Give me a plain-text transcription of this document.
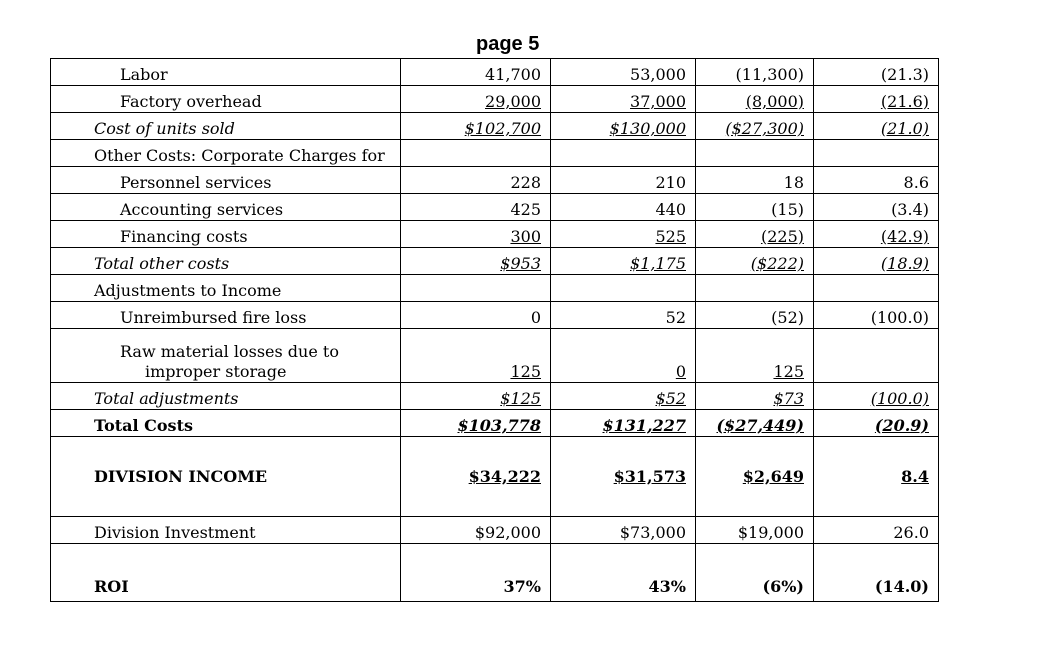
page 5
Labor	41,700	53,000	(11,300)	(21.3)
Factory overhead	29,000	37,000	(8,000)	(21.6)
Cost of units sold	$102,700	$130,000	($27,300)	(21.0)
Other Costs: Corporate Charges for				
Personnel services	228	210	18	8.6
Accounting services	425	440	(15)	(3.4)
Financing costs	300	525	(225)	(42.9)
Total other costs	$953	$1,175	($222)	(18.9)
Adjustments to Income				
Unreimbursed fire loss	0	52	(52)	(100.0)
Raw material losses due to
improper storage	125	0	125	
Total adjustments	$125	$52	$73	(100.0)
Total Costs	$103,778	$131,227	($27,449)	(20.9)
DIVISION INCOME	$34,222	$31,573	$2,649	8.4
Division Investment	$92,000	$73,000	$19,000	26.0
ROI	37%	43%	(6%)	(14.0)
